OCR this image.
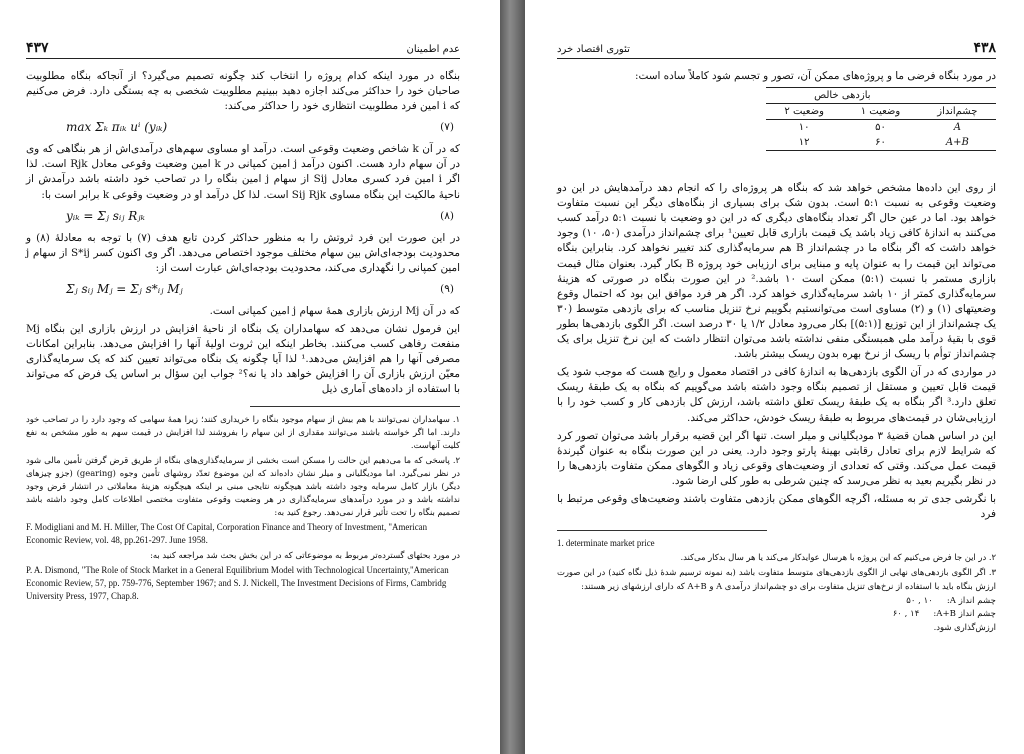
عدم اطمینان
۴۳۷

بنگاه در مورد اینکه کدام پروژه را انتخاب کند چگونه تصمیم می‌گیرد؟ از آنجاکه بنگاه مطلوبیت صاحبان خود را حداکثر می‌کند اجازه دهید ببینیم مطلوبیت شخصی به چه بستگی دارد. فرض می‌کنیم که i امین فرد مطلوبیت انتظاری خود را حداکثر می‌کند:

max Σₖ πᵢₖ uⁱ (yᵢₖ)	(۷)

که در آن k شاخص وضعیت وقوعی است. درآمد او مساوی سهم‌های درآمدی‌اش از هر بنگاهی که وی در آن سهام دارد هست. اکنون درآمد j امین کمپانی در k امین وضعیت وقوعی معادل Rjk است. لذا اگر i امین فرد کسری معادل Sij از سهام j امین بنگاه را در تصاحب خود داشته باشد درآمدش از ناحیهٔ مالکیت این بنگاه مساوی Sij Rjk است. لذا کل درآمد او در وضعیت وقوعی k برابر است با:

yᵢₖ = Σⱼ sᵢⱼ Rⱼₖ	(۸)

در این صورت این فرد ثروتش را به منظور حداکثر کردن تابع هدف (۷) با توجه به معادلهٔ (۸) و محدودیت بودجه‌ای‌اش بین سهام مختلف موجود اختصاص می‌دهد. اگر وی اکنون کسر S*ij از سهام j امین کمپانی را نگهداری می‌کند، محدودیت بودجه‌ای‌اش عبارت است از:

Σⱼ sᵢⱼ Mⱼ = Σⱼ s*ᵢⱼ Mⱼ	(۹)

که در آن Mj ارزش بازاری همهٔ سهام j امین کمپانی است.

این فرمول نشان می‌دهد که سهامداران یک بنگاه از ناحیهٔ افزایش در ارزش بازاری این بنگاه Mj منفعت رفاهی کسب می‌کنند. بخاطر اینکه این ثروت اولیهٔ آنها را افزایش می‌دهد. بنابراین امکانات مصرفی آنها را هم افزایش می‌دهد.¹ لذا آیا چگونه یک بنگاه می‌تواند تعیین کند که یک سرمایه‌گذاری معیّن ارزش بازاری آن را افزایش خواهد داد یا نه؟² جواب این سؤال بر اساس یک فرض که می‌تواند با استفاده از داده‌های آماری ذیل

۱. سهامداران نمی‌توانند با هم بیش از سهام موجود بنگاه را خریداری کنند؛ زیرا همهٔ سهامی که وجود دارد را در تصاحب خود دارند. اما اگر خواسته باشند می‌توانند مقداری از این سهام را بفروشند لذا افزایش در قیمت سهم به طور مشخص به نفع کلیت آنهاست.

۲. پاسخی که ما می‌دهیم این حالت را مسکن است بخشی از سرمایه‌گذاری‌های بنگاه از طریق قرض گرفتن تأمین مالی شود در نظر نمی‌گیرد. اما مودیگلیانی و میلر نشان داده‌اند که این موضوع تعدّد روشهای تأمین وجوه (gearing) (جزو چیزهای دیگر) بازار کامل سرمایه وجود داشته باشد هیچگونه نتایجی مبنی بر اینکه هیچگونه هزینهٔ معاملاتی در انتشار قرض وجود نداشته باشد و در مورد درآمدهای سرمایه‌گذاری در هر وضعیت وقوعی متفاوت مختصی اطلاعات کامل وجود داشته باشد تصمیم بنگاه را تحت تأثیر قرار نمی‌دهد. رجوع کنید به:

F. Modigliani and M. H. Miller, The Cost Of Capital, Corporation Finance and Theory of Investment, "American Economic Review, vol. 48, pp.261-297. June 1958.

در مورد بحثهای گسترده‌تر مربوط به موضوعاتی که در این بخش بحث شد مراجعه کنید به:

P. A. Dismond, "The Role of Stock Market in a General Equilibrium Model with Technological Uncertainty,"American Economic Review, 57, pp. 759-776, September 1967; and S. J. Nickell, The Investment Decisions of Firms, Cambridg University Press, 1977, Chap.8.

۴۳۸
تئوری اقتصاد خرد

در مورد بنگاه فرضی ما و پروژه‌های ممکن آن، تصور و تجسم شود کاملاً ساده است:

	بازدهی خالص	
چشم‌انداز	وضعیت ۱	وضعیت ۲
A	۵۰	۱۰
A+B	۶۰	۱۲

از روی این داده‌ها مشخص خواهد شد که بنگاه هر پروژه‌ای را که انجام دهد درآمدهایش در این دو وضعیت وقوعی به نسبت ۵:۱ است. بدون شک برای بسیاری از بنگاه‌های دیگر این نسبت متفاوت خواهد بود. اما در عین حال اگر تعداد بنگاه‌های دیگری که در این دو وضعیت با نسبت ۵:۱ درآمد کسب می‌کنند به اندازهٔ کافی زیاد باشد یک قیمت بازاری قابل تعیین¹ برای چشم‌انداز درآمدی (۵۰، ۱۰) وجود خواهد داشت که اگر بنگاه ما در چشم‌انداز B هم سرمایه‌گذاری کند تغییر نخواهد کرد. بنابراین بنگاه می‌تواند این قیمت را به عنوان پایه و مبنایی برای ارزیابی خود پروژه B بکار گیرد. بعنوان مثال قیمت بازاری مستمر با نسبت (۵:۱) ممکن است ۱۰ باشد.² در این صورت بنگاه در صورتی که هزینهٔ سرمایه‌گذاری کمتر از ۱۰ باشد سرمایه‌گذاری خواهد کرد. اگر هر فرد موافق این بود که احتمال وقوع وضعیتهای (۱) و (۲) مساوی است می‌توانستیم بگوییم نرخ تنزیل مناسب که برای بازدهی متوسط (۳۰ یک چشم‌انداز از این توزیع [(۵:۱)] بکار می‌رود معادل ۱/۲ یا ۳۰ درصد است. اگر الگوی بازدهی‌ها بطور قوی با بقیهٔ درآمد ملی همبستگی منفی نداشته باشد می‌توان انتظار داشت که این نرخ تنزیل برای یک چشم‌انداز توأم با ریسک از نرخ بهره بدون ریسک بیشتر باشد.

در مواردی که در آن الگوی بازدهی‌ها به اندازهٔ کافی در اقتصاد معمول و رایج هست که موجب شود یک قیمت قابل تعیین و مستقل از تصمیم بنگاه وجود داشته باشد می‌گوییم که بنگاه به یک طبقهٔ ریسک تعلق دارد.³ اگر بنگاه به یک طبقهٔ ریسک تعلق داشته باشد، ارزش کل بازدهی کار و کسب خود را با ارزیابی‌شان در قیمت‌های مربوط به طبقهٔ ریسک خودش، حداکثر می‌کند.

این در اساس همان قضیهٔ ۳ مودیگلیانی و میلر است. تنها اگر این قضیه برقرار باشد می‌توان تصور کرد که شرایط لازم برای تعادل رقابتی بهینهٔ پارتو وجود دارد. یعنی در این صورت بنگاه به عنوان گیرندهٔ قیمت عمل می‌کند. وقتی که تعدادی از وضعیت‌های وقوعی زیاد و الگوهای ممکن متفاوت بازدهی‌ها را در نظر بگیریم بعید به نظر می‌رسد که چنین شرطی به طور کلی ارضا شود.

با نگرشی جدی تر به مسئله، اگرچه الگوهای ممکن بازدهی متفاوت باشند وضعیت‌های وقوعی مرتبط با فرد

1. determinate market price

۲. در این جا فرض می‌کنیم که این پروژه با هرسال عوایدکار می‌کند یا هر سال بدکار می‌کند.

۳. اگر الگوی بازدهی‌های نهایی از الگوی بازدهی‌های متوسط متفاوت باشد (به نمونه ترسیم شدهٔ ذیل نگاه کنید) در این صورت ارزش بنگاه باید با استفاده از نرخ‌های تنزیل متفاوت برای دو چشم‌انداز درآمدی A و A+B که دارای ارزشهای زیر هستند:

چشم انداز A:
۱۰ , ۵۰
چشم انداز A+B:
۱۴ , ۶۰

ارزش‌گذاری شود.
